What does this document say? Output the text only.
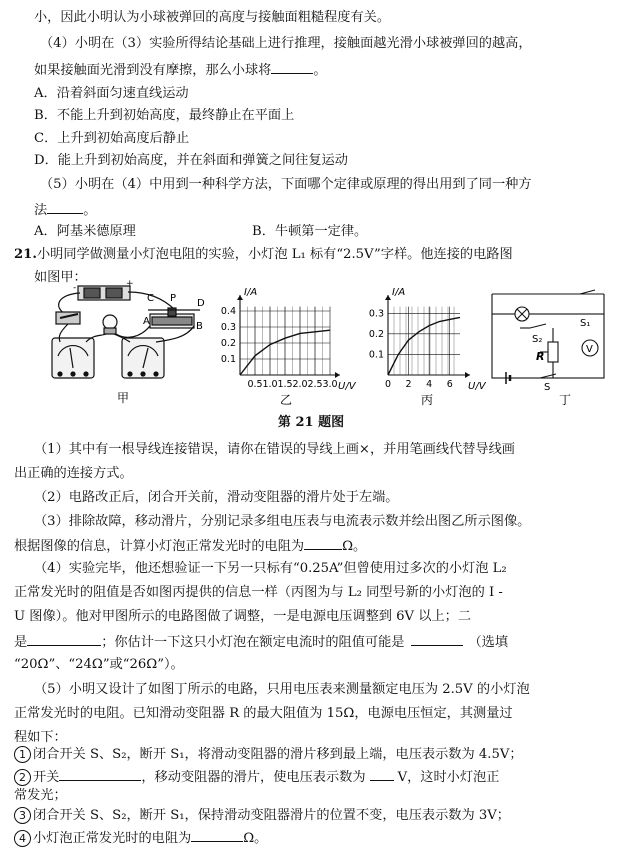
小，因此小明认为小球被弹回的高度与接触面粗糙程度有关。
（4）小明在（3）实验所得结论基础上进行推理，接触面越光滑小球被弹回的越高，
如果接触面光滑到没有摩擦，那么小球将	。
A．沿着斜面匀速直线运动
B．不能上升到初始高度，最终静止在平面上
C．上升到初始高度后静止
D．能上升到初始高度，并在斜面和弹簧之间往复运动
（5）小明在（4）中用到一种科学方法，下面哪个定律或原理的得出用到了同一种方
法	。
A．阿基米德原理	B．牛顿第一定律。
21.小明同学做测量小灯泡电阻的实验，小灯泡 L₁ 标有“2.5V”字样。他连接的电路图
如图甲：
-	+
C P D
A	B
甲
0.5 1.0 1.5 2.0 2.5 3.0
0.1
0.2
0.3
0.4
I/A
U/V
乙
0 2 4 6
0.1
0.2
0.3
I/A
U/V
丙
S₁
S₂
R
V
S
丁
第 21 题图
（1）其中有一根导线连接错误，请你在错误的导线上画×，并用笔画线代替导线画
出正确的连接方式。
（2）电路改正后，闭合开关前，滑动变阻器的滑片处于左端。
（3）排除故障，移动滑片，分别记录多组电压表与电流表示数并绘出图乙所示图像。
根据图像的信息，计算小灯泡正常发光时的电阻为	Ω。
（4）实验完毕，他还想验证一下另一只标有“0.25A”但曾使用过多次的小灯泡 L₂
正常发光时的阻值是否如图丙提供的信息一样（丙图为与 L₂ 同型号新的小灯泡的 I -
U 图像）。他对甲图所示的电路图做了调整，一是电源电压调整到 6V 以上；二
是	；你估计一下这只小灯泡在额定电流时的阻值可能是	（选填
“20Ω”、“24Ω”或“26Ω”）。
（5）小明又设计了如图丁所示的电路，只用电压表来测量额定电压为 2.5V 的小灯泡
正常发光时的电阻。已知滑动变阻器 R 的最大阻值为 15Ω，电源电压恒定，其测量过
程如下：
1 闭合开关 S、S₂，断开 S₁，将滑动变阻器的滑片移到最上端，电压表示数为 4.5V；
2 开关	，移动变阻器的滑片，使电压表示数为 V，这时小灯泡正
常发光；
3 闭合开关 S、S₂，断开 S₁，保持滑动变阻器滑片的位置不变，电压表示数为 3V；
4 小灯泡正常发光时的电阻为	Ω。
